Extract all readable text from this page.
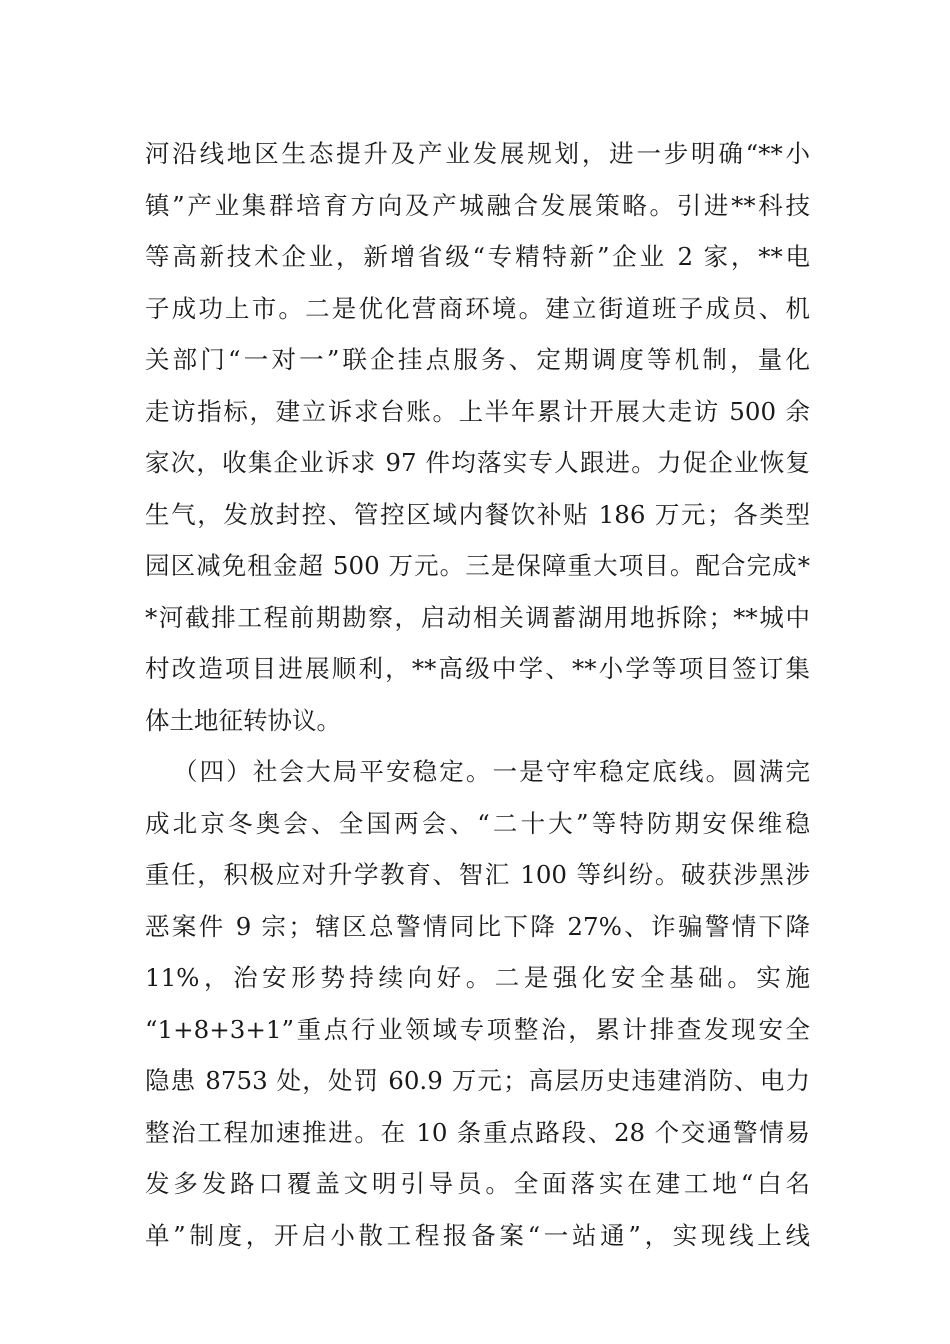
河沿线地区生态提升及产业发展规划，进一步明确“**小
镇”产业集群培育方向及产城融合发展策略。引进**科技
等高新技术企业，新增省级“专精特新”企业 2 家，**电
子成功上市。二是优化营商环境。建立街道班子成员、机
关部门“一对一”联企挂点服务、定期调度等机制，量化
走访指标，建立诉求台账。上半年累计开展大走访 500 余
家次，收集企业诉求 97 件均落实专人跟进。力促企业恢复
生气，发放封控、管控区域内餐饮补贴 186 万元；各类型
园区减免租金超 500 万元。三是保障重大项目。配合完成*
*河截排工程前期勘察，启动相关调蓄湖用地拆除；**城中
村改造项目进展顺利，**高级中学、**小学等项目签订集
体土地征转协议。
（四）社会大局平安稳定。一是守牢稳定底线。圆满完
成北京冬奥会、全国两会、“二十大”等特防期安保维稳
重任，积极应对升学教育、智汇 100 等纠纷。破获涉黑涉
恶案件 9 宗；辖区总警情同比下降 27%、诈骗警情下降
11%，治安形势持续向好。二是强化安全基础。实施
“1+8+3+1”重点行业领域专项整治，累计排查发现安全
隐患 8753 处，处罚 60.9 万元；高层历史违建消防、电力
整治工程加速推进。在 10 条重点路段、28 个交通警情易
发多发路口覆盖文明引导员。全面落实在建工地“白名
单”制度，开启小散工程报备案“一站通”，实现线上线
